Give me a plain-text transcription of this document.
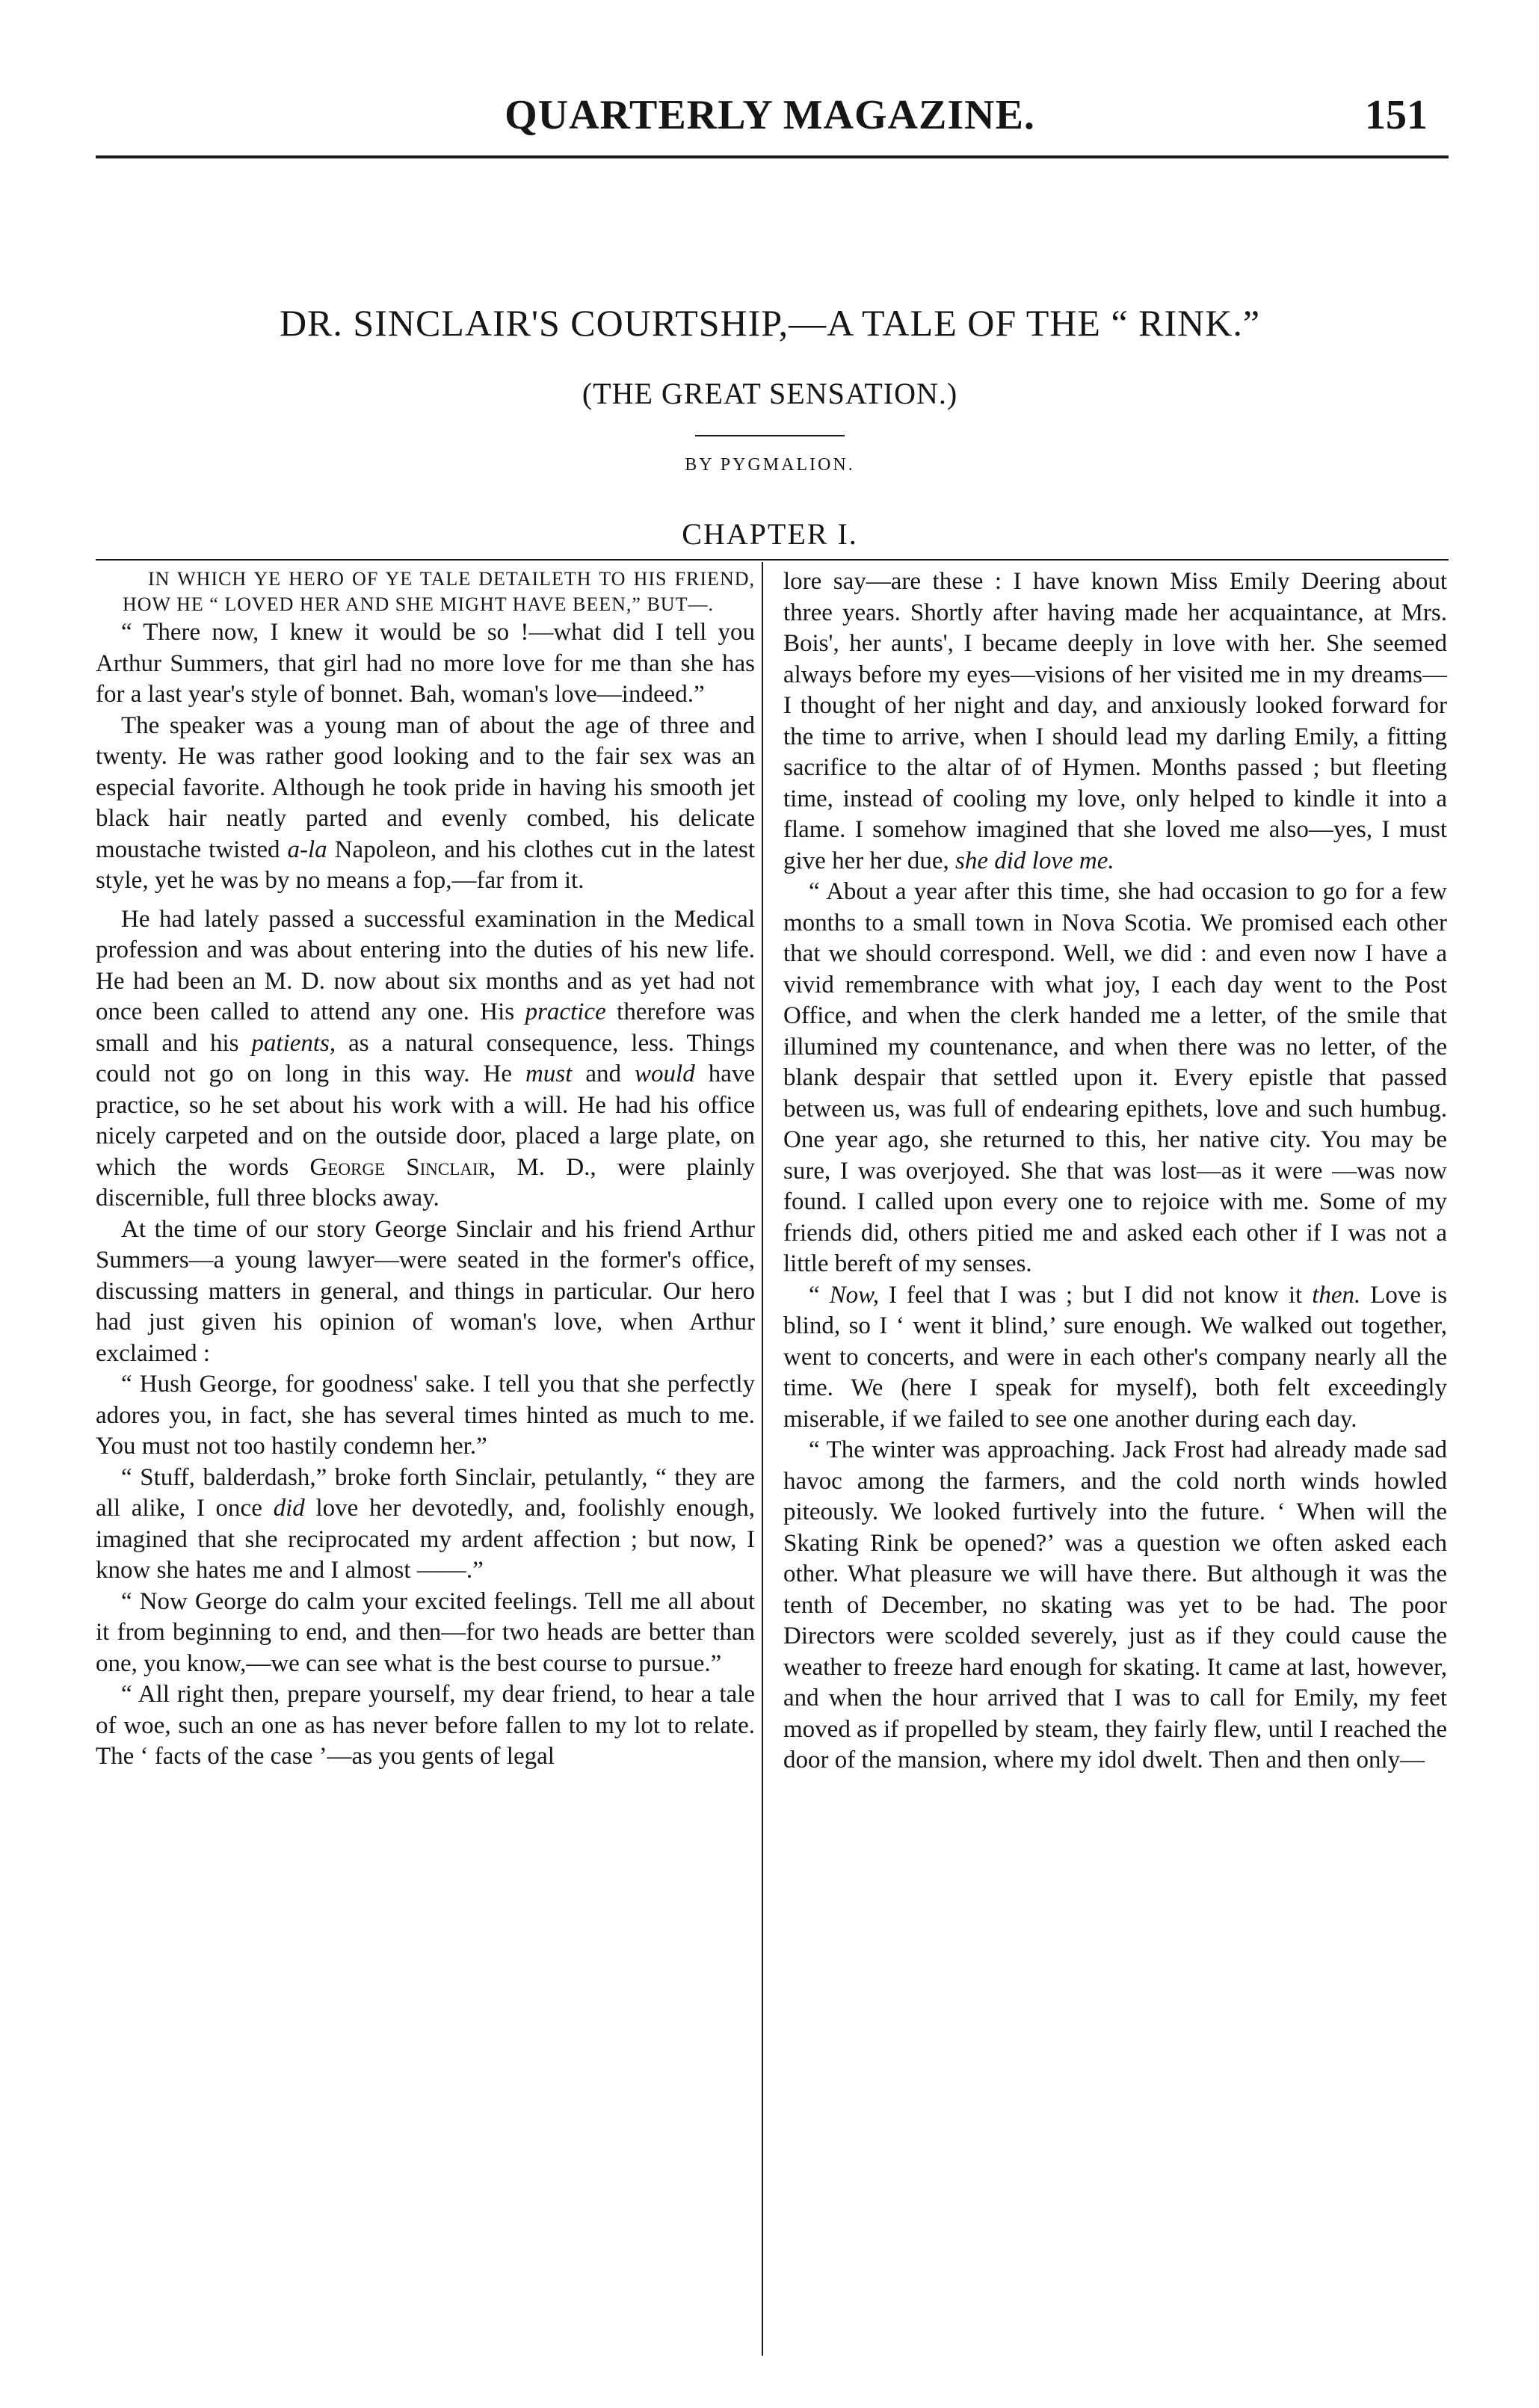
QUARTERLY MAGAZINE.	151
DR. SINCLAIR'S COURTSHIP,—A TALE OF THE “ RINK.”
(THE GREAT SENSATION.)
BY PYGMALION.
CHAPTER I.

IN WHICH YE HERO OF YE TALE DETAILETH TO HIS FRIEND, HOW HE “ LOVED HER AND SHE MIGHT HAVE BEEN,” BUT—.

“ There now, I knew it would be so !—what did I tell you Arthur Summers, that girl had no more love for me than she has for a last year's style of bonnet. Bah, woman's love—indeed.”

The speaker was a young man of about the age of three and twenty. He was rather good looking and to the fair sex was an especial favorite. Although he took pride in having his smooth jet black hair neatly parted and evenly combed, his delicate moustache twisted a-la Napoleon, and his clothes cut in the latest style, yet he was by no means a fop,—far from it.

He had lately passed a successful examination in the Medical profession and was about entering into the duties of his new life. He had been an M. D. now about six months and as yet had not once been called to attend any one. His practice therefore was small and his patients, as a natural consequence, less. Things could not go on long in this way. He must and would have practice, so he set about his work with a will. He had his office nicely carpeted and on the outside door, placed a large plate, on which the words George Sinclair, M. D., were plainly discernible, full three blocks away.

At the time of our story George Sinclair and his friend Arthur Summers—a young lawyer—were seated in the former's office, discussing matters in general, and things in particular. Our hero had just given his opinion of woman's love, when Arthur exclaimed :

“ Hush George, for goodness' sake. I tell you that she perfectly adores you, in fact, she has several times hinted as much to me. You must not too hastily condemn her.”

“ Stuff, balderdash,” broke forth Sinclair, petulantly, “ they are all alike, I once did love her devotedly, and, foolishly enough, imagined that she reciprocated my ardent affection ; but now, I know she hates me and I almost ——.”

“ Now George do calm your excited feelings. Tell me all about it from beginning to end, and then—for two heads are better than one, you know,—we can see what is the best course to pursue.”

“ All right then, prepare yourself, my dear friend, to hear a tale of woe, such an one as has never before fallen to my lot to relate. The ‘ facts of the case ’—as you gents of legal

lore say—are these : I have known Miss Emily Deering about three years. Shortly after having made her acquaintance, at Mrs. Bois', her aunts', I became deeply in love with her. She seemed always before my eyes—visions of her visited me in my dreams—I thought of her night and day, and anxiously looked forward for the time to arrive, when I should lead my darling Emily, a fitting sacrifice to the altar of of Hymen. Months passed ; but fleeting time, instead of cooling my love, only helped to kindle it into a flame. I somehow imagined that she loved me also—yes, I must give her her due, she did love me.

“ About a year after this time, she had occasion to go for a few months to a small town in Nova Scotia. We promised each other that we should correspond. Well, we did : and even now I have a vivid remembrance with what joy, I each day went to the Post Office, and when the clerk handed me a letter, of the smile that illumined my countenance, and when there was no letter, of the blank despair that settled upon it. Every epistle that passed between us, was full of endearing epithets, love and such humbug. One year ago, she returned to this, her native city. You may be sure, I was overjoyed. She that was lost—as it were —was now found. I called upon every one to rejoice with me. Some of my friends did, others pitied me and asked each other if I was not a little bereft of my senses.

“ Now, I feel that I was ; but I did not know it then. Love is blind, so I ‘ went it blind,’ sure enough. We walked out together, went to concerts, and were in each other's company nearly all the time. We (here I speak for myself), both felt exceedingly miserable, if we failed to see one another during each day.

“ The winter was approaching. Jack Frost had already made sad havoc among the farmers, and the cold north winds howled piteously. We looked furtively into the future. ‘ When will the Skating Rink be opened?’ was a question we often asked each other. What pleasure we will have there. But although it was the tenth of December, no skating was yet to be had. The poor Directors were scolded severely, just as if they could cause the weather to freeze hard enough for skating. It came at last, however, and when the hour arrived that I was to call for Emily, my feet moved as if propelled by steam, they fairly flew, until I reached the door of the mansion, where my idol dwelt. Then and then only—
